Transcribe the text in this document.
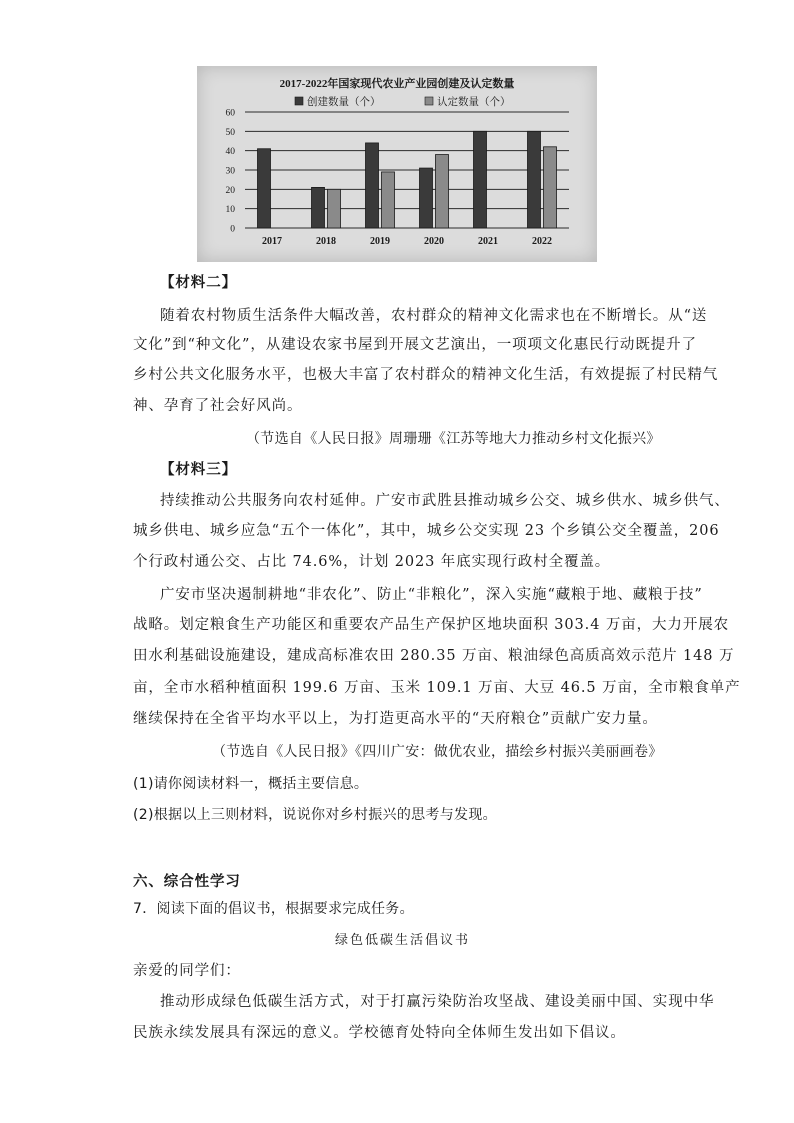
2017-2022年国家现代农业产业园创建及认定数量
创建数量（个）	认定数量（个）
0
10
20
30
40
50
60
2017	2018	2019	2020	2021	2022
【材料二】
随着农村物质生活条件大幅改善，农村群众的精神文化需求也在不断增长。从“送
文化”到“种文化”，从建设农家书屋到开展文艺演出，一项项文化惠民行动既提升了
乡村公共文化服务水平，也极大丰富了农村群众的精神文化生活，有效提振了村民精气
神、孕育了社会好风尚。
（节选自《人民日报》周珊珊《江苏等地大力推动乡村文化振兴》
【材料三】
持续推动公共服务向农村延伸。广安市武胜县推动城乡公交、城乡供水、城乡供气、
城乡供电、城乡应急“五个一体化”，其中，城乡公交实现 23 个乡镇公交全覆盖，206
个行政村通公交、占比 74.6%，计划 2023 年底实现行政村全覆盖。
广安市坚决遏制耕地“非农化”、防止“非粮化”，深入实施“藏粮于地、藏粮于技”
战略。划定粮食生产功能区和重要农产品生产保护区地块面积 303.4 万亩，大力开展农
田水利基础设施建设，建成高标准农田 280.35 万亩、粮油绿色高质高效示范片 148 万
亩，全市水稻种植面积 199.6 万亩、玉米 109.1 万亩、大豆 46.5 万亩，全市粮食单产
继续保持在全省平均水平以上，为打造更高水平的“天府粮仓”贡献广安力量。
（节选自《人民日报》《四川广安：做优农业，描绘乡村振兴美丽画卷》
(1)请你阅读材料一，概括主要信息。
(2)根据以上三则材料，说说你对乡村振兴的思考与发现。
六、综合性学习
7．阅读下面的倡议书，根据要求完成任务。
绿色低碳生活倡议书
亲爱的同学们：
推动形成绿色低碳生活方式，对于打赢污染防治攻坚战、建设美丽中国、实现中华
民族永续发展具有深远的意义。学校德育处特向全体师生发出如下倡议。
